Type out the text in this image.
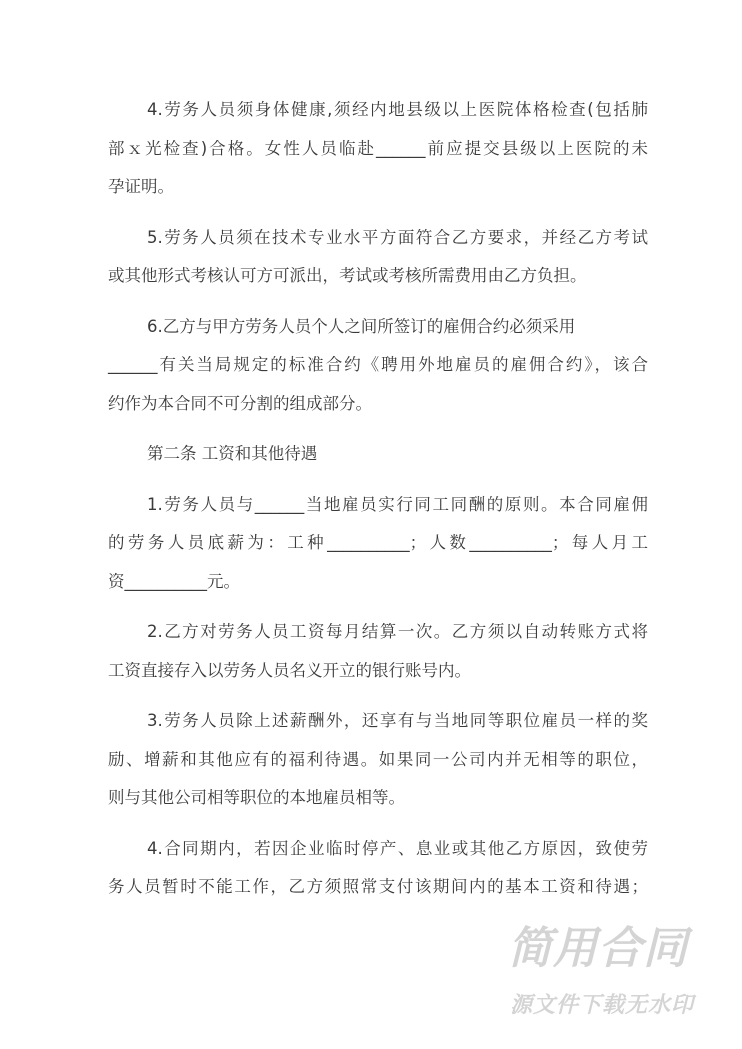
4.劳务人员须身体健康,须经内地县级以上医院体格检查(包括肺
部ｘ光检查)合格。女性人员临赴______前应提交县级以上医院的未
孕证明。
5.劳务人员须在技术专业水平方面符合乙方要求，并经乙方考试
或其他形式考核认可方可派出，考试或考核所需费用由乙方负担。
6.乙方与甲方劳务人员个人之间所签订的雇佣合约必须采用
______有关当局规定的标准合约《聘用外地雇员的雇佣合约》，该合
约作为本合同不可分割的组成部分。
第二条 工资和其他待遇
1.劳务人员与______当地雇员实行同工同酬的原则。本合同雇佣
的劳务人员底薪为：工种__________；人数__________；每人月工
资__________元。
2.乙方对劳务人员工资每月结算一次。乙方须以自动转账方式将
工资直接存入以劳务人员名义开立的银行账号内。
3.劳务人员除上述薪酬外，还享有与当地同等职位雇员一样的奖
励、增薪和其他应有的福利待遇。如果同一公司内并无相等的职位，
则与其他公司相等职位的本地雇员相等。
4.合同期内，若因企业临时停产、息业或其他乙方原因，致使劳
务人员暂时不能工作，乙方须照常支付该期间内的基本工资和待遇；
简用合同
源文件下载无水印
